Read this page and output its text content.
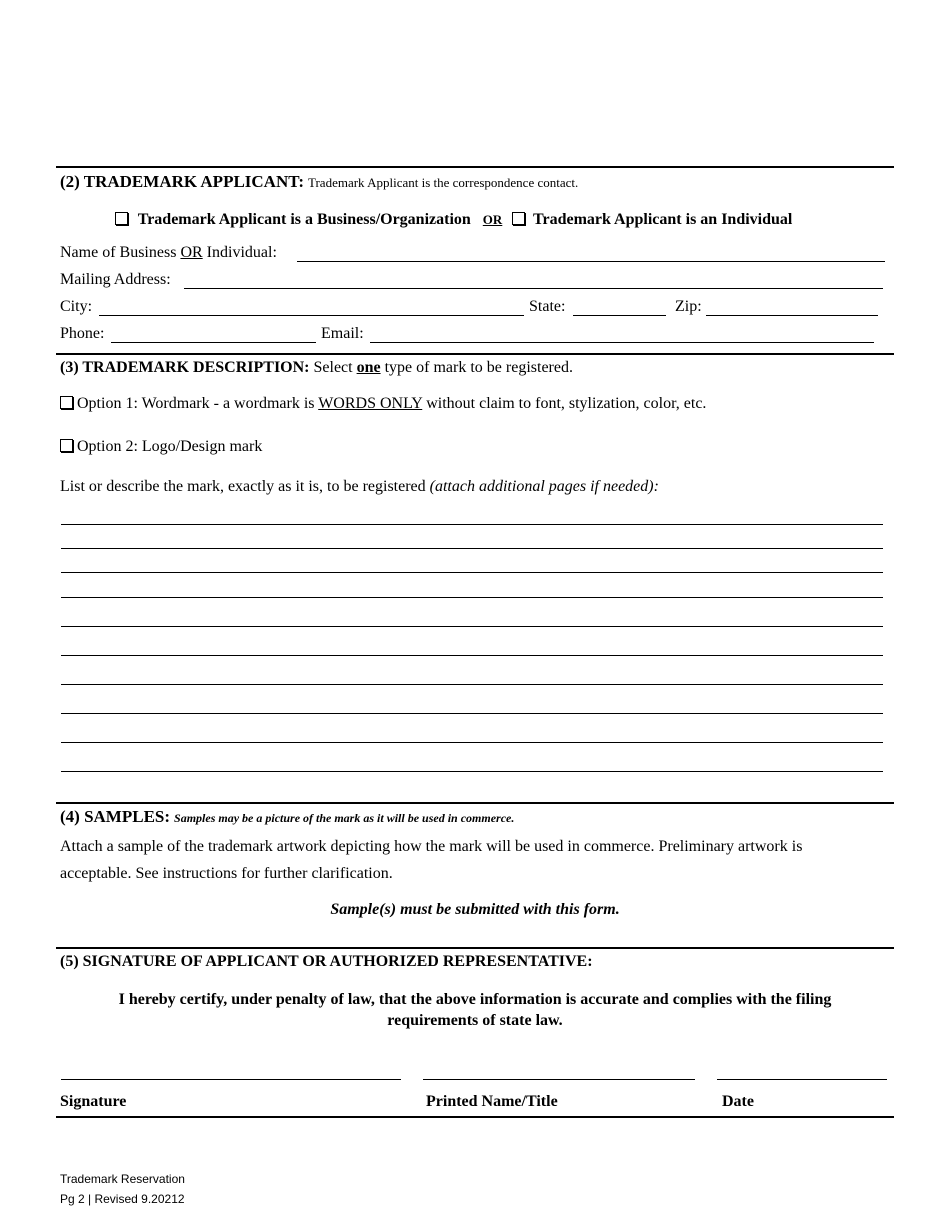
(2) TRADEMARK APPLICANT: Trademark Applicant is the correspondence contact.
Trademark Applicant is a Business/Organization OR Trademark Applicant is an Individual
Name of Business OR Individual:
Mailing Address:
City:	State:	Zip:
Phone:	Email:
(3) TRADEMARK DESCRIPTION: Select one type of mark to be registered.
Option 1: Wordmark - a wordmark is WORDS ONLY without claim to font, stylization, color, etc.
Option 2: Logo/Design mark
List or describe the mark, exactly as it is, to be registered (attach additional pages if needed):
(4) SAMPLES: Samples may be a picture of the mark as it will be used in commerce.
Attach a sample of the trademark artwork depicting how the mark will be used in commerce. Preliminary artwork is
acceptable. See instructions for further clarification.
Sample(s) must be submitted with this form.
(5) SIGNATURE OF APPLICANT OR AUTHORIZED REPRESENTATIVE:
I hereby certify, under penalty of law, that the above information is accurate and complies with the filing
requirements of state law.
Signature	Printed Name/Title	Date
Trademark Reservation
Pg 2 | Revised 9.20212
